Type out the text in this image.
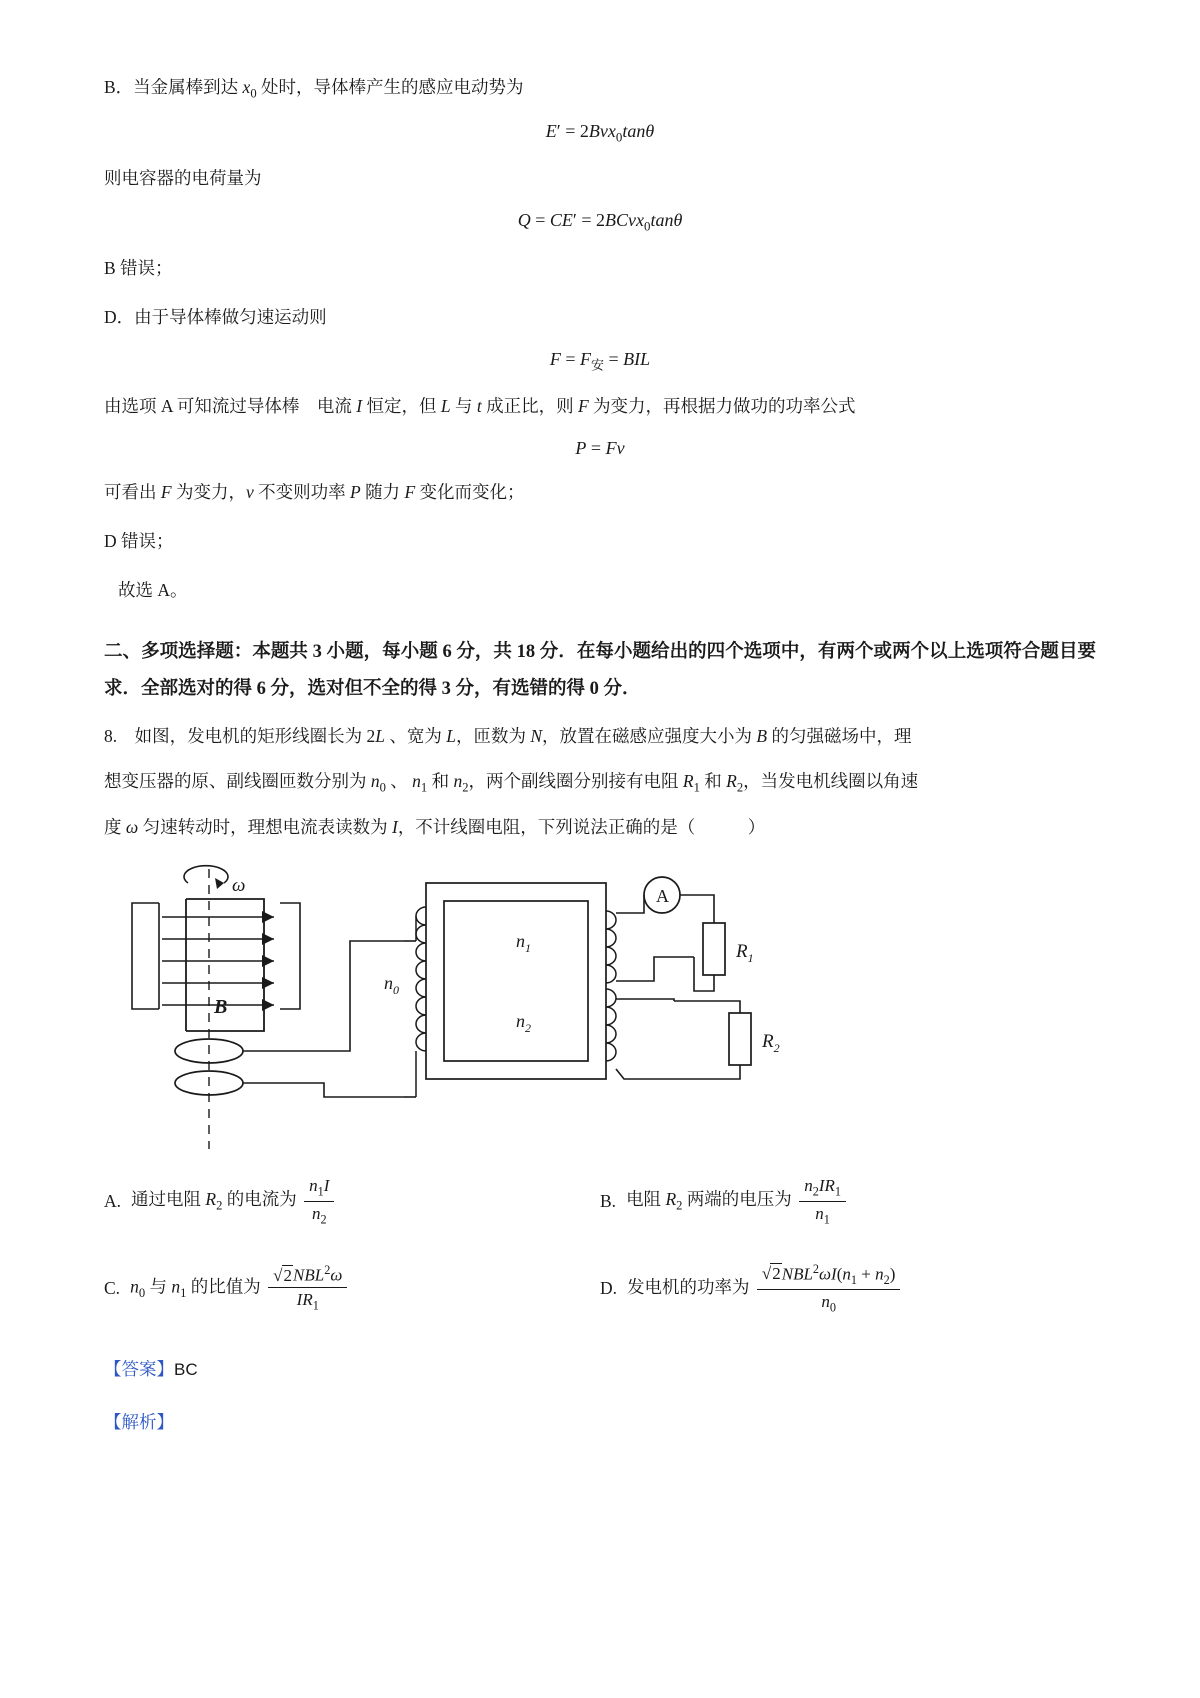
B．当金属棒到达 $x_0$ 处时，导体棒产生的感应电动势为

E′ = 2Bvx$_0$tanθ

则电容器的电荷量为

Q = CE′ = 2BCvx$_0$tanθ

B 错误；

D．由于导体棒做匀速运动则

$F = F_安$ = BIL

由选项 A 可知流过导体棒　电流 I 恒定，但 L 与 t 成正比，则 F 为变力，再根据力做功的功率公式

P = Fv

可看出 F 为变力，v 不变则功率 P 随力 F 变化而变化；

D 错误；

故选 A。

二、多项选择题：本题共 3 小题，每小题 6 分，共 18 分．在每小题给出的四个选项中，有两个或两个以上选项符合题目要求．全部选对的得 6 分，选对但不全的得 3 分，有选错的得 0 分．

8.　如图，发电机的矩形线圈长为 2L 、宽为 L，匝数为 N，放置在磁感应强度大小为 B 的匀强磁场中，理

想变压器的原、副线圈匝数分别为 $n_0$ 、 $n_1$ 和 $n_2$，两个副线圈分别接有电阻 $R_1$ 和 $R_2$，当发电机线圈以角速

度 ω 匀速转动时，理想电流表读数为 I，不计线圈电阻，下列说法正确的是（　　　）

ω
B
$n_0$
$n_1$
$n_2$
A
$R_1$
$R_2$
A. 通过电阻 $R_2$ 的电流为 $\frac{n_1I}{n_2}$	B. 电阻 $R_2$ 两端的电压为 $\frac{n_2IR_1}{n_1}$
C. $n_0$ 与 $n_1$ 的比值为 $\frac{√2NBL^2\omega}{IR_1}$	D. 发电机的功率为 $\frac{√2NBL^2\omega I(n_1 + n_2)}{n_0}$

【答案】BC

【解析】
